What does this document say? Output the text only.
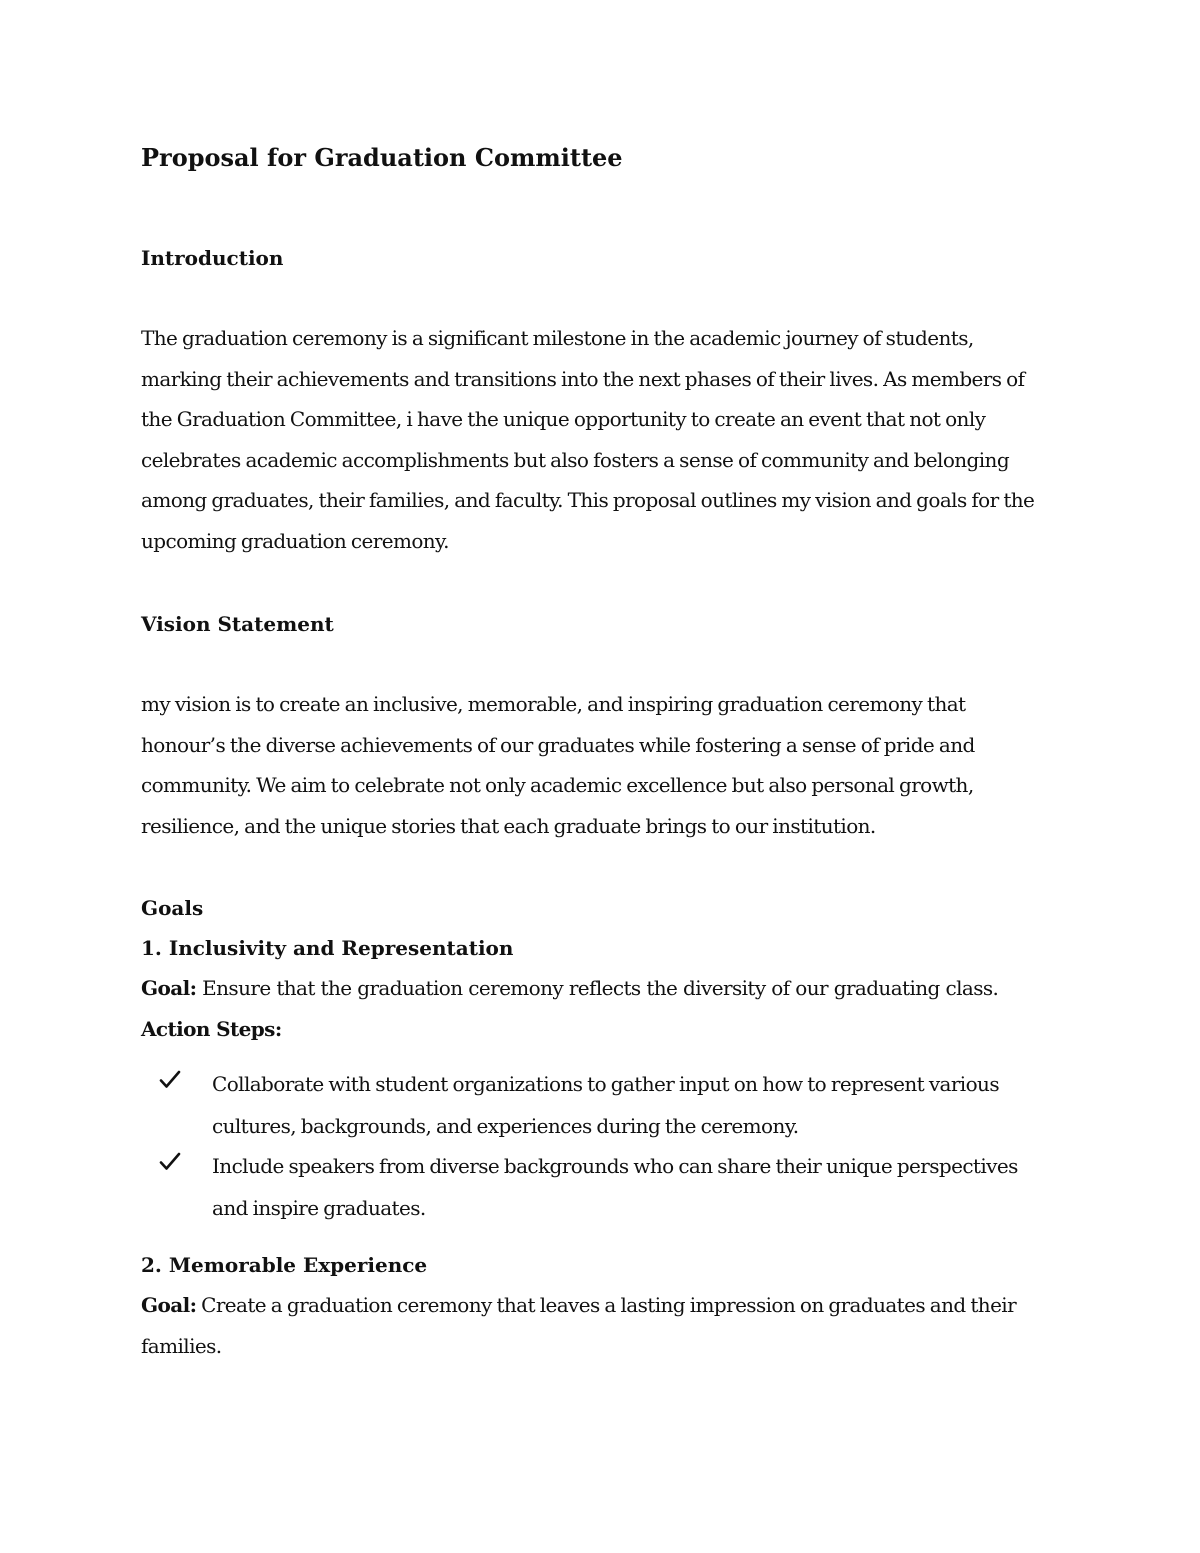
Proposal for Graduation Committee
Introduction

The graduation ceremony is a significant milestone in the academic journey of students, marking their achievements and transitions into the next phases of their lives. As members of the Graduation Committee, i have the unique opportunity to create an event that not only celebrates academic accomplishments but also fosters a sense of community and belonging among graduates, their families, and faculty. This proposal outlines my vision and goals for the upcoming graduation ceremony.

Vision Statement

my vision is to create an inclusive, memorable, and inspiring graduation ceremony that honour’s the diverse achievements of our graduates while fostering a sense of pride and community. We aim to celebrate not only academic excellence but also personal growth, resilience, and the unique stories that each graduate brings to our institution.

Goals
1. Inclusivity and Representation

Goal: Ensure that the graduation ceremony reflects the diversity of our graduating class.

Action Steps:

Collaborate with student organizations to gather input on how to represent various cultures, backgrounds, and experiences during the ceremony.

Include speakers from diverse backgrounds who can share their unique perspectives and inspire graduates.

2. Memorable Experience

Goal: Create a graduation ceremony that leaves a lasting impression on graduates and their families.
